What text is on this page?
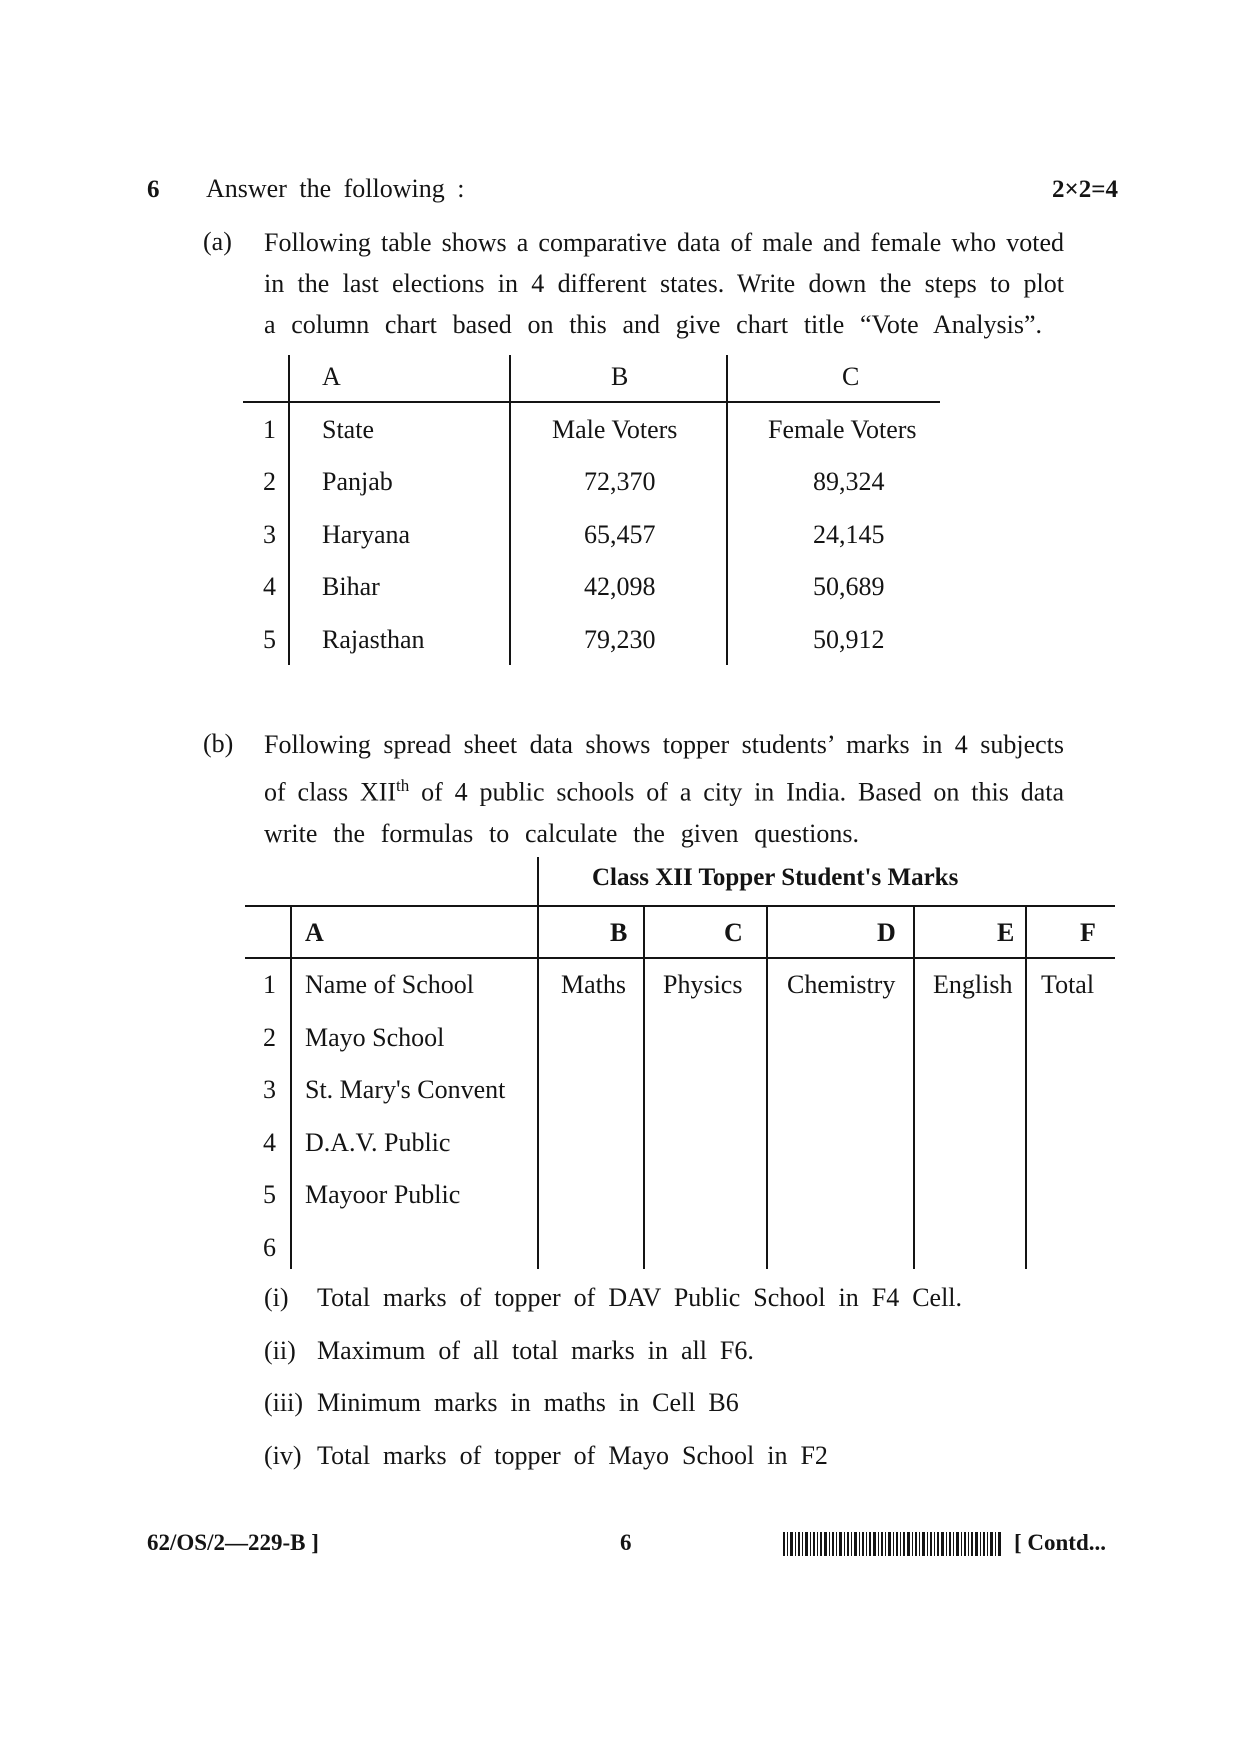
6 Answer the following :	2×2=4
(a) Following table shows a comparative data of male and female who voted
in the last elections in 4 different states. Write down the steps to plot
a column chart based on this and give chart title “Vote Analysis”.
A	B	C
1 State	Male Voters	Female Voters
2 Panjab	72,370	89,324
3 Haryana	65,457	24,145
4 Bihar	42,098	50,689
5 Rajasthan	79,230	50,912
(b) Following spread sheet data shows topper students’ marks in 4 subjects
of class XIIth of 4 public schools of a city in India. Based on this data
write the formulas to calculate the given questions.
Class XII Topper Student's Marks
A	B	C	D	E	F
1 Name of School	Maths Physics Chemistry English Total
2 Mayo School
3 St. Mary's Convent
4 D.A.V. Public
5 Mayoor Public
6
(i) Total  marks  of  topper  of  DAV  Public  School  in  F4  Cell.
(ii) Maximum  of  all  total  marks  in  all  F6.
(iii) Minimum  marks  in  maths  in  Cell  B6
(iv) Total  marks  of  topper  of  Mayo  School  in  F2
62/OS/2—229-B ]	6	[ Contd...
